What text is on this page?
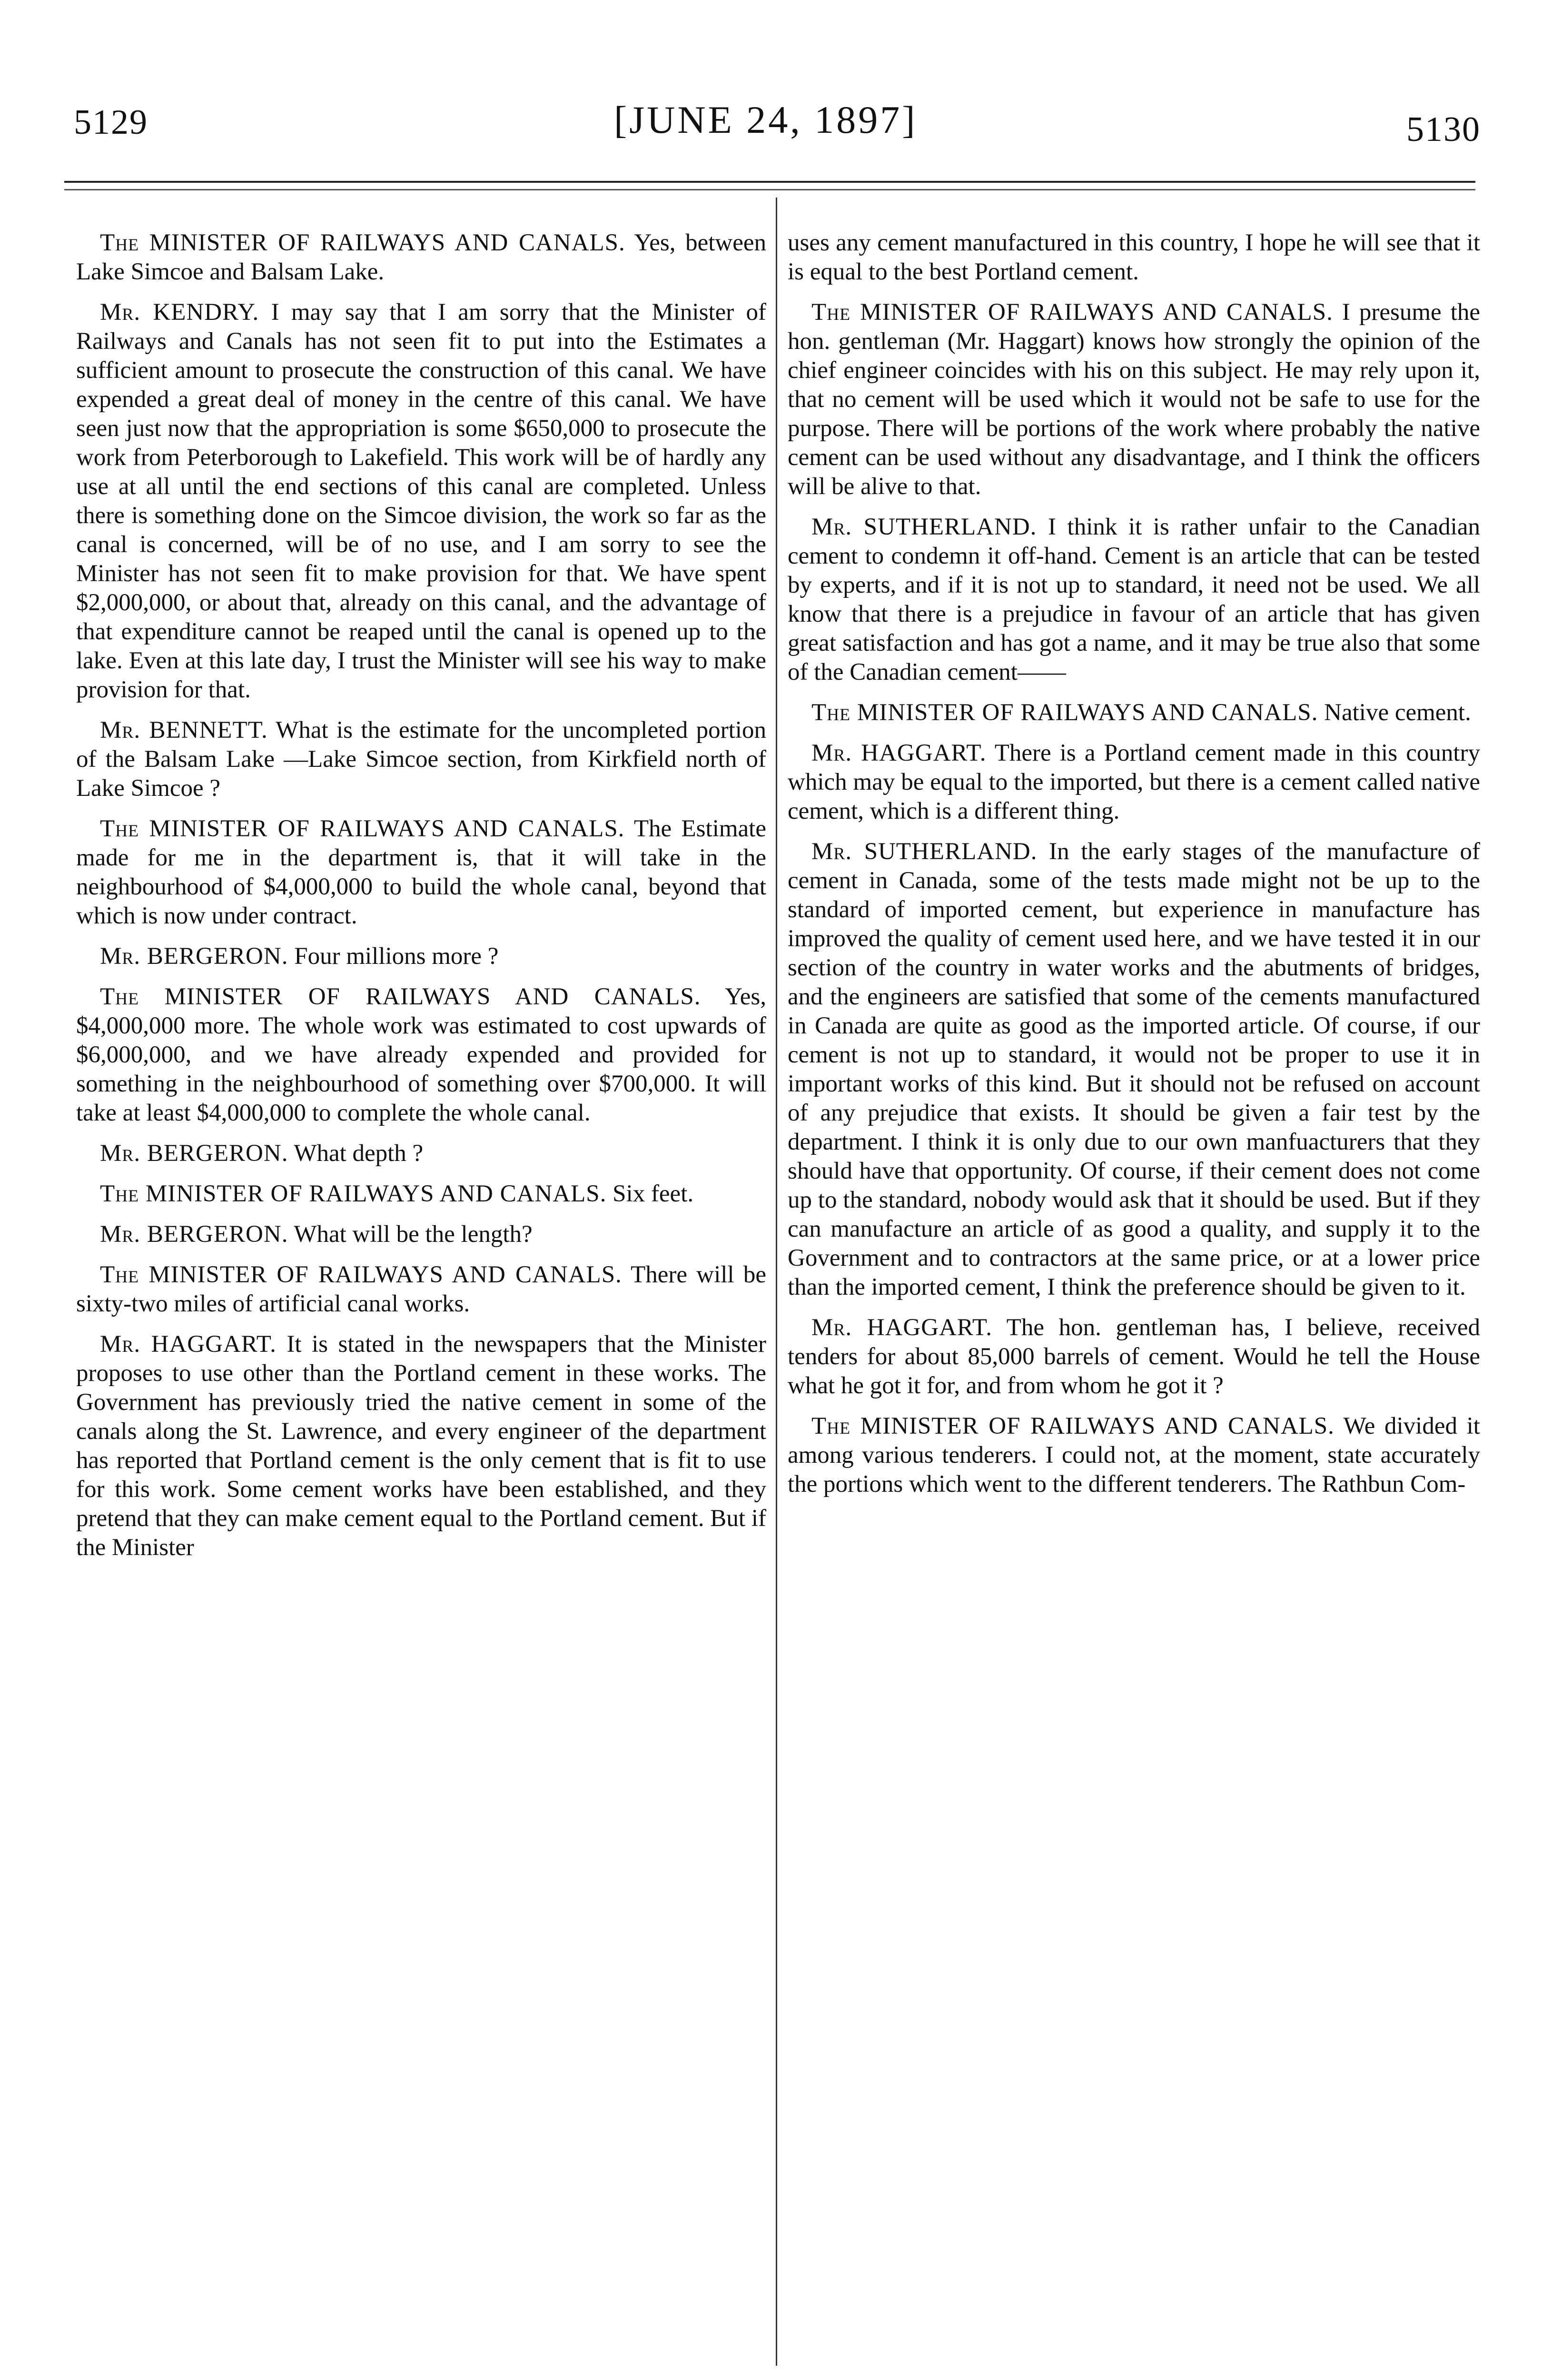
5129	[JUNE 24, 1897]	5130

The MINISTER OF RAILWAYS AND CANALS. Yes, between Lake Simcoe and Balsam Lake.

Mr. KENDRY. I may say that I am sorry that the Minister of Railways and Canals has not seen fit to put into the Estimates a sufficient amount to prosecute the construction of this canal. We have expended a great deal of money in the centre of this canal. We have seen just now that the appropriation is some $650,000 to prosecute the work from Peterborough to Lakefield. This work will be of hardly any use at all until the end sections of this canal are completed. Unless there is something done on the Simcoe division, the work so far as the canal is concerned, will be of no use, and I am sorry to see the Minister has not seen fit to make provision for that. We have spent $2,000,000, or about that, already on this canal, and the advantage of that expenditure cannot be reaped until the canal is opened up to the lake. Even at this late day, I trust the Minister will see his way to make provision for that.

Mr. BENNETT. What is the estimate for the uncompleted portion of the Balsam Lake —Lake Simcoe section, from Kirkfield north of Lake Simcoe ?

The MINISTER OF RAILWAYS AND CANALS. The Estimate made for me in the department is, that it will take in the neighbourhood of $4,000,000 to build the whole canal, beyond that which is now under contract.

Mr. BERGERON. Four millions more ?

The MINISTER OF RAILWAYS AND CANALS. Yes, $4,000,000 more. The whole work was estimated to cost upwards of $6,000,000, and we have already expended and provided for something in the neighbourhood of something over $700,000. It will take at least $4,000,000 to complete the whole canal.

Mr. BERGERON. What depth ?

The MINISTER OF RAILWAYS AND CANALS. Six feet.

Mr. BERGERON. What will be the length?

The MINISTER OF RAILWAYS AND CANALS. There will be sixty-two miles of artificial canal works.

Mr. HAGGART. It is stated in the newspapers that the Minister proposes to use other than the Portland cement in these works. The Government has previously tried the native cement in some of the canals along the St. Lawrence, and every engineer of the department has reported that Portland cement is the only cement that is fit to use for this work. Some cement works have been established, and they pretend that they can make cement equal to the Portland cement. But if the Minister

uses any cement manufactured in this country, I hope he will see that it is equal to the best Portland cement.

The MINISTER OF RAILWAYS AND CANALS. I presume the hon. gentleman (Mr. Haggart) knows how strongly the opinion of the chief engineer coincides with his on this subject. He may rely upon it, that no cement will be used which it would not be safe to use for the purpose. There will be portions of the work where probably the native cement can be used without any disadvantage, and I think the officers will be alive to that.

Mr. SUTHERLAND. I think it is rather unfair to the Canadian cement to condemn it off-hand. Cement is an article that can be tested by experts, and if it is not up to standard, it need not be used. We all know that there is a prejudice in favour of an article that has given great satisfaction and has got a name, and it may be true also that some of the Canadian cement——

The MINISTER OF RAILWAYS AND CANALS. Native cement.

Mr. HAGGART. There is a Portland cement made in this country which may be equal to the imported, but there is a cement called native cement, which is a different thing.

Mr. SUTHERLAND. In the early stages of the manufacture of cement in Canada, some of the tests made might not be up to the standard of imported cement, but experience in manufacture has improved the quality of cement used here, and we have tested it in our section of the country in water works and the abutments of bridges, and the engineers are satisfied that some of the cements manufactured in Canada are quite as good as the imported article. Of course, if our cement is not up to standard, it would not be proper to use it in important works of this kind. But it should not be refused on account of any prejudice that exists. It should be given a fair test by the department. I think it is only due to our own manfuacturers that they should have that opportunity. Of course, if their cement does not come up to the standard, nobody would ask that it should be used. But if they can manufacture an article of as good a quality, and supply it to the Government and to contractors at the same price, or at a lower price than the imported cement, I think the preference should be given to it.

Mr. HAGGART. The hon. gentleman has, I believe, received tenders for about 85,000 barrels of cement. Would he tell the House what he got it for, and from whom he got it ?

The MINISTER OF RAILWAYS AND CANALS. We divided it among various tenderers. I could not, at the moment, state accurately the portions which went to the different tenderers. The Rathbun Com-
